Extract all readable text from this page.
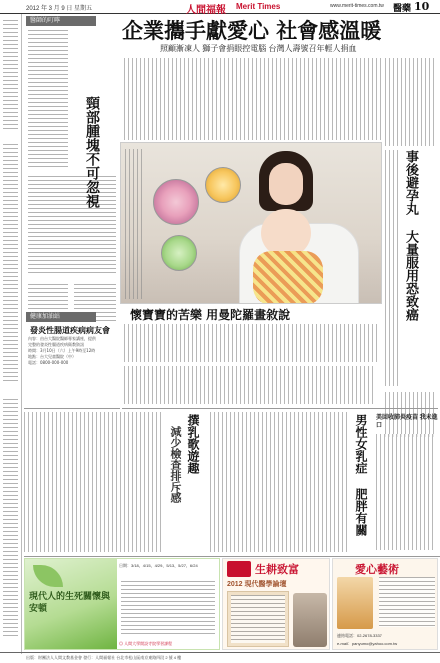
2012 年 3 月 9 日 星期五	人間福報 Merit Times	www.merit-times.com.tw 醫藥 10
企業攜手獻愛心 社會感溫暖
照顧漸凍人 獅子會捐眼控電腦 台灣人壽號召年輕人捐血
醫師的叮嚀
頸部腫塊不可忽視
健康加油站
發炎性腸道疾病病友會
內容：由台大醫院醫師專家講座，提供
完整的發炎性腸道疾病衛教資訊
時間：3月10日（六）上午9時至12時
地點：台大兒童醫院（中）
電話：0800-000-000
事後避孕丸 大量服用恐致癌
懷寶寶的苦樂 用曼陀羅畫敘說
撰乳歌遊趣
減少檢查排斥感	男性女乳症 肥胖有關 美回收肺炎疫苗 我未進口
現代人的生死關懷與安頓
日期：3/18、4/15、4/29、5/13、5/27、6/24
◎ 人間大學開設寺院學習課程
生耕致富
2012 現代醫學論壇
愛心藝術
連絡電話：02-2678-3337
e-mail：panyumo@yahoo.com.tw
出版：財團法人人間文教基金會 發行：人間福報社 台北市松山區南京東路四段 2 號 4 樓
